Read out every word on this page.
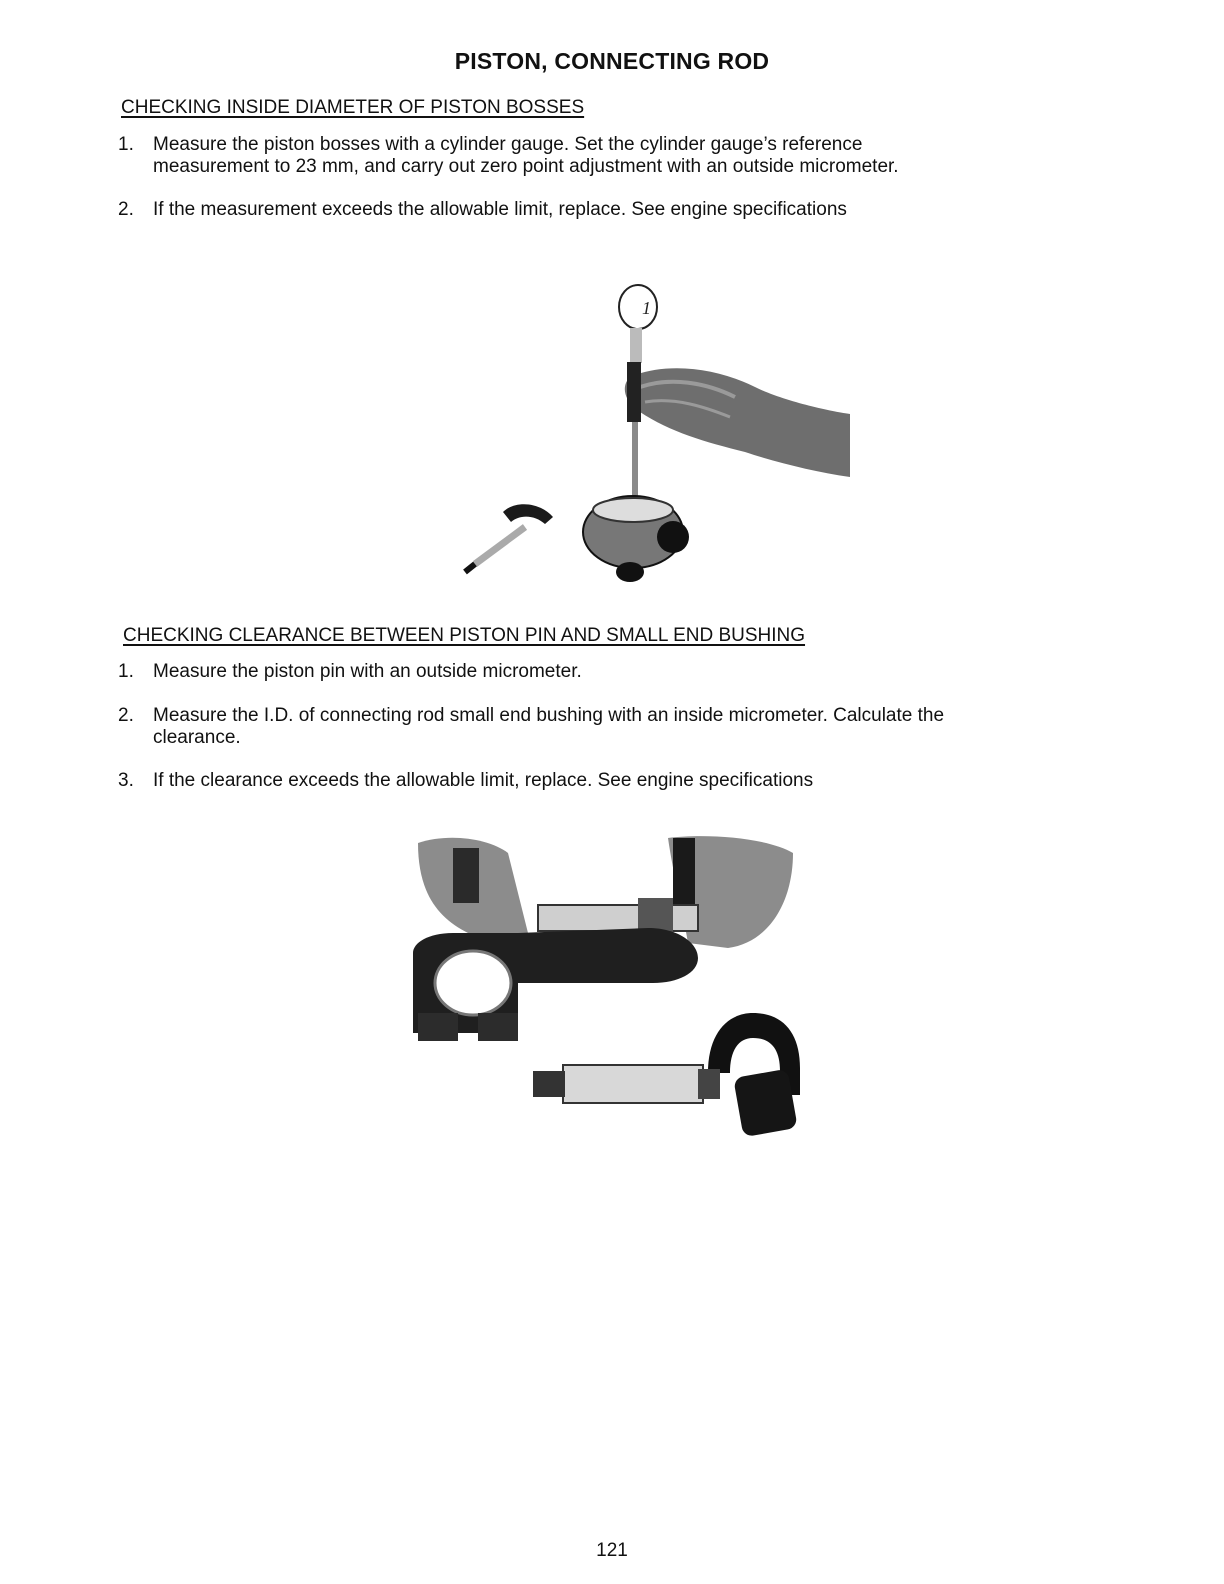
PISTON, CONNECTING ROD
CHECKING INSIDE DIAMETER OF PISTON BOSSES
1. Measure the piston bosses with a cylinder gauge. Set the cylinder gauge’s reference
measurement to 23 mm, and carry out zero point adjustment with an outside micrometer.
2. If the measurement exceeds the allowable limit, replace. See engine specifications
1
CHECKING CLEARANCE BETWEEN PISTON PIN AND SMALL END BUSHING
1. Measure the piston pin with an outside micrometer.
2. Measure the I.D. of connecting rod small end bushing with an inside micrometer. Calculate the
clearance.
3. If the clearance exceeds the allowable limit, replace. See engine specifications
121
